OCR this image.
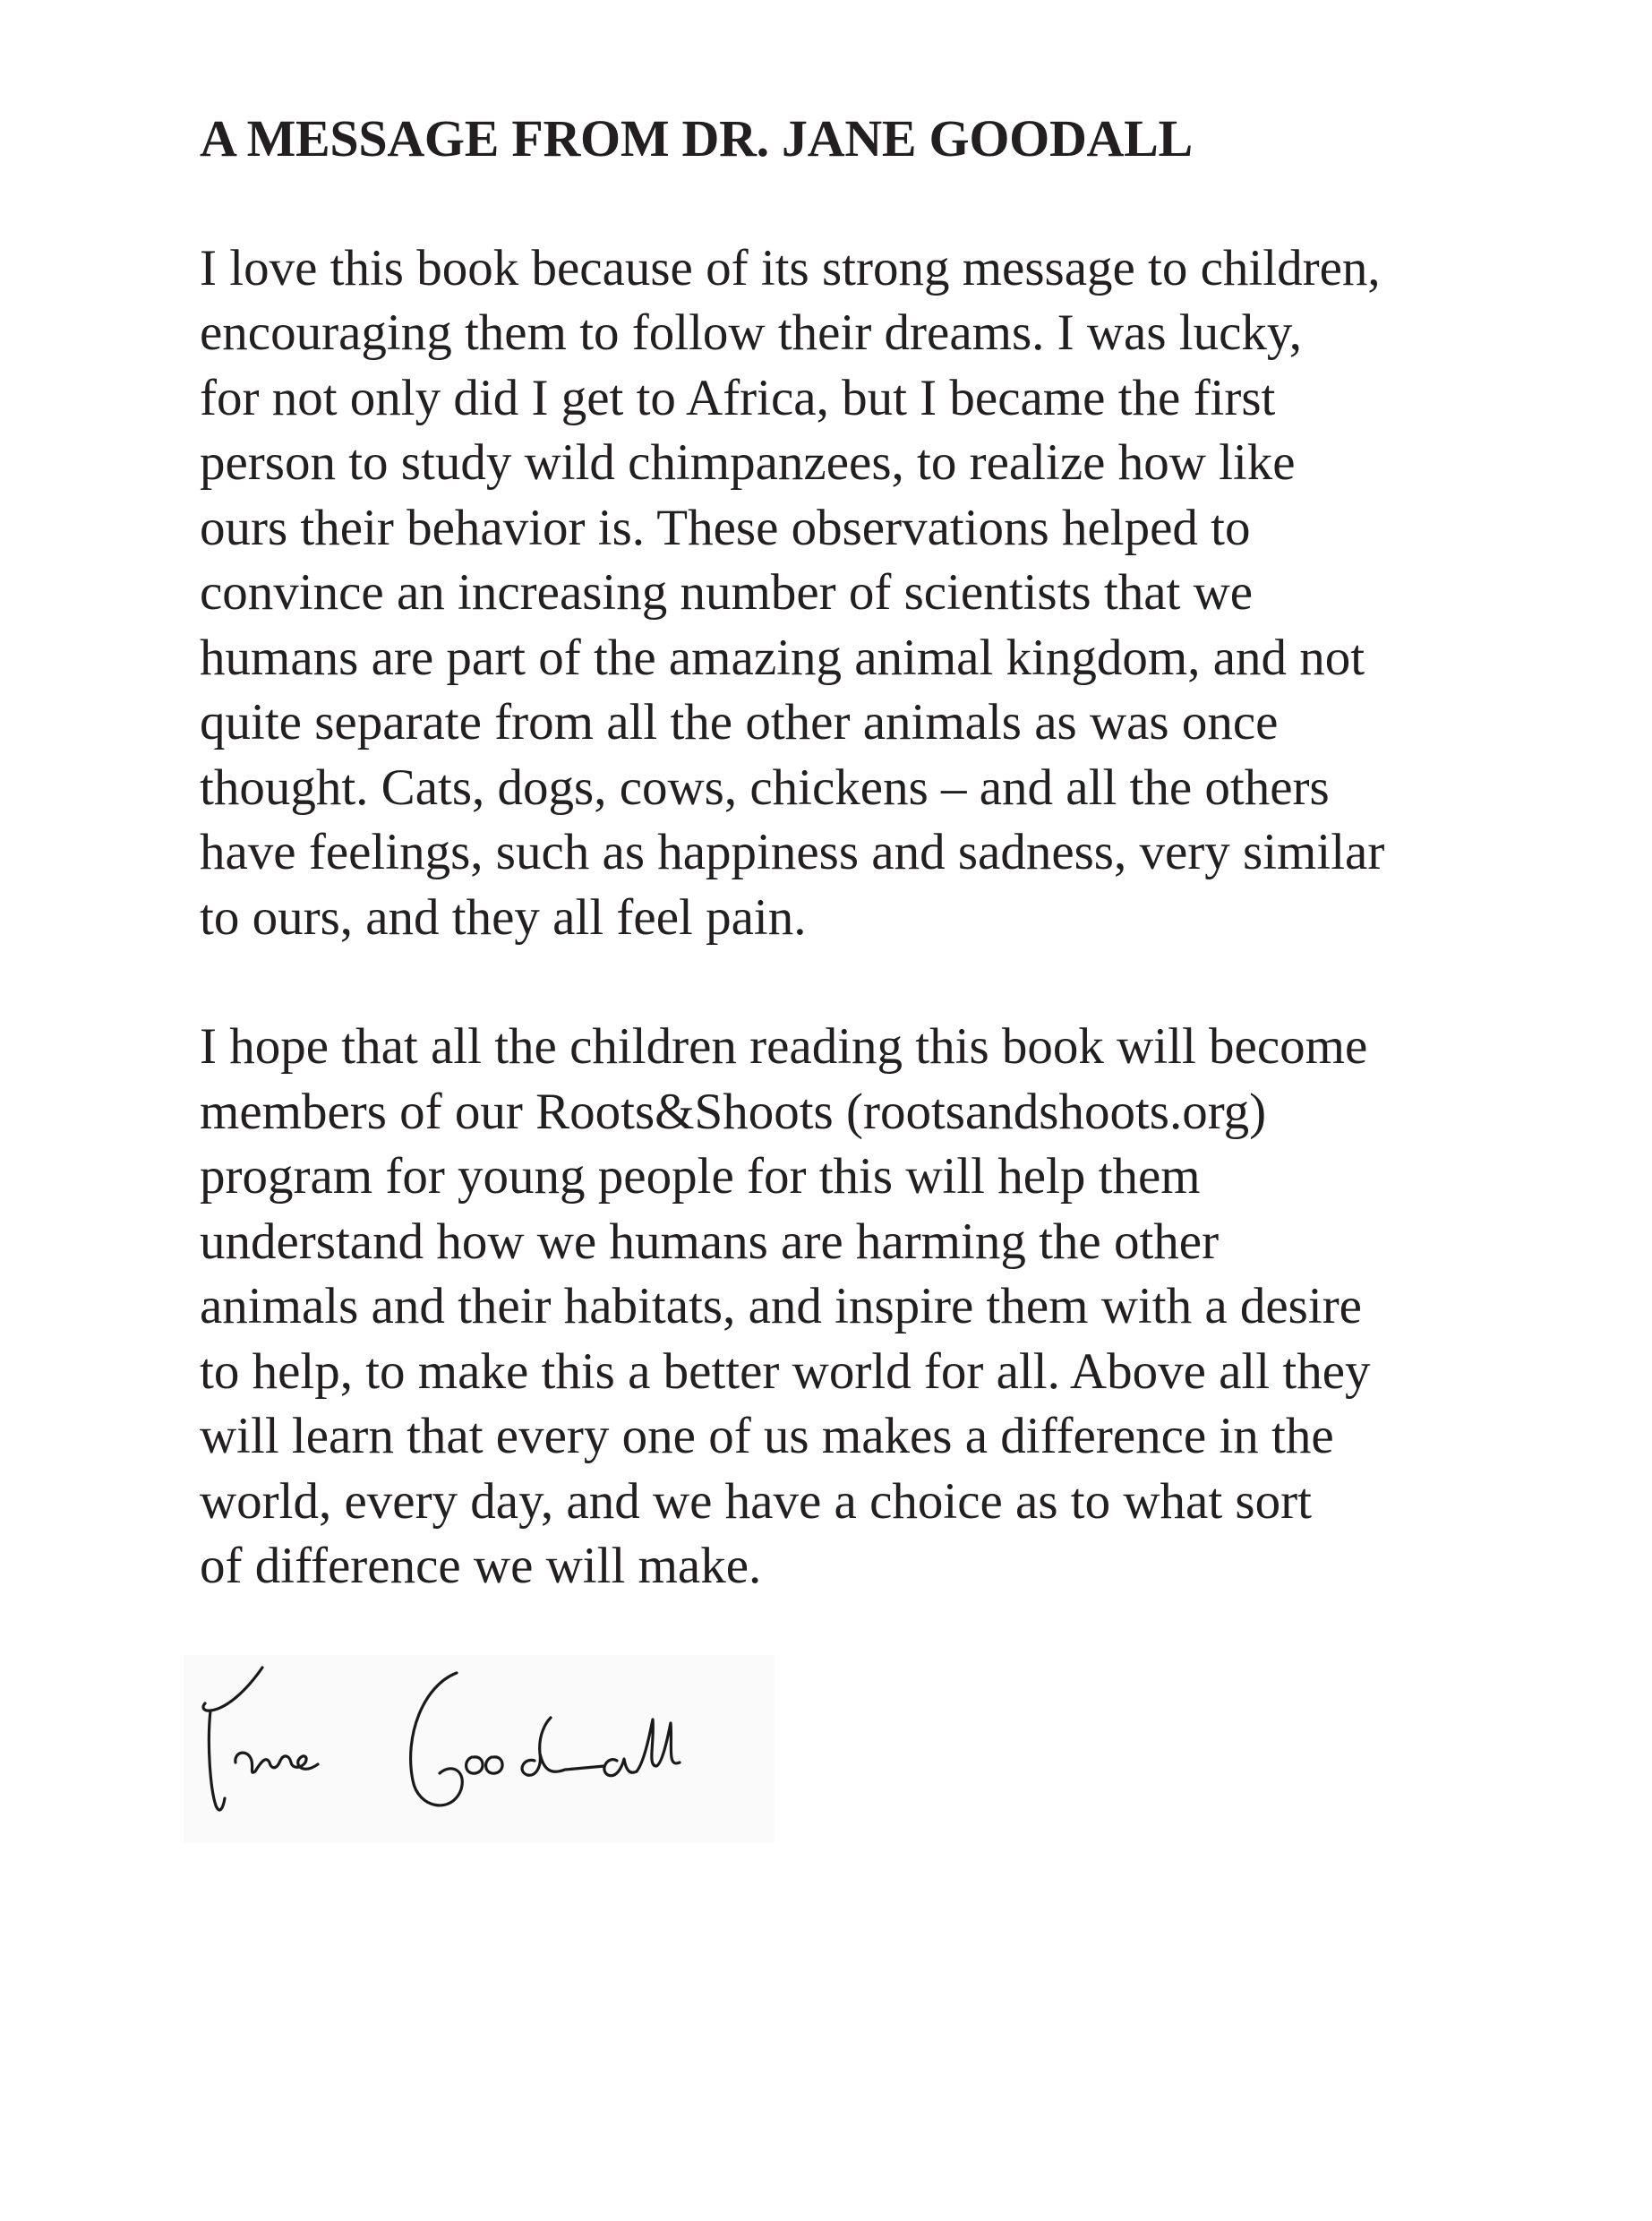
A MESSAGE FROM DR. JANE GOODALL
I love this book because of its strong message to children,
encouraging them to follow their dreams. I was lucky,
for not only did I get to Africa, but I became the first
person to study wild chimpanzees, to realize how like
ours their behavior is. These observations helped to
convince an increasing number of scientists that we
humans are part of the amazing animal kingdom, and not
quite separate from all the other animals as was once
thought. Cats, dogs, cows, chickens – and all the others
have feelings, such as happiness and sadness, very similar
to ours, and they all feel pain.
I hope that all the children reading this book will become
members of our Roots&Shoots (rootsandshoots.org)
program for young people for this will help them
understand how we humans are harming the other
animals and their habitats, and inspire them with a desire
to help, to make this a better world for all. Above all they
will learn that every one of us makes a difference in the
world, every day, and we have a choice as to what sort
of difference we will make.
